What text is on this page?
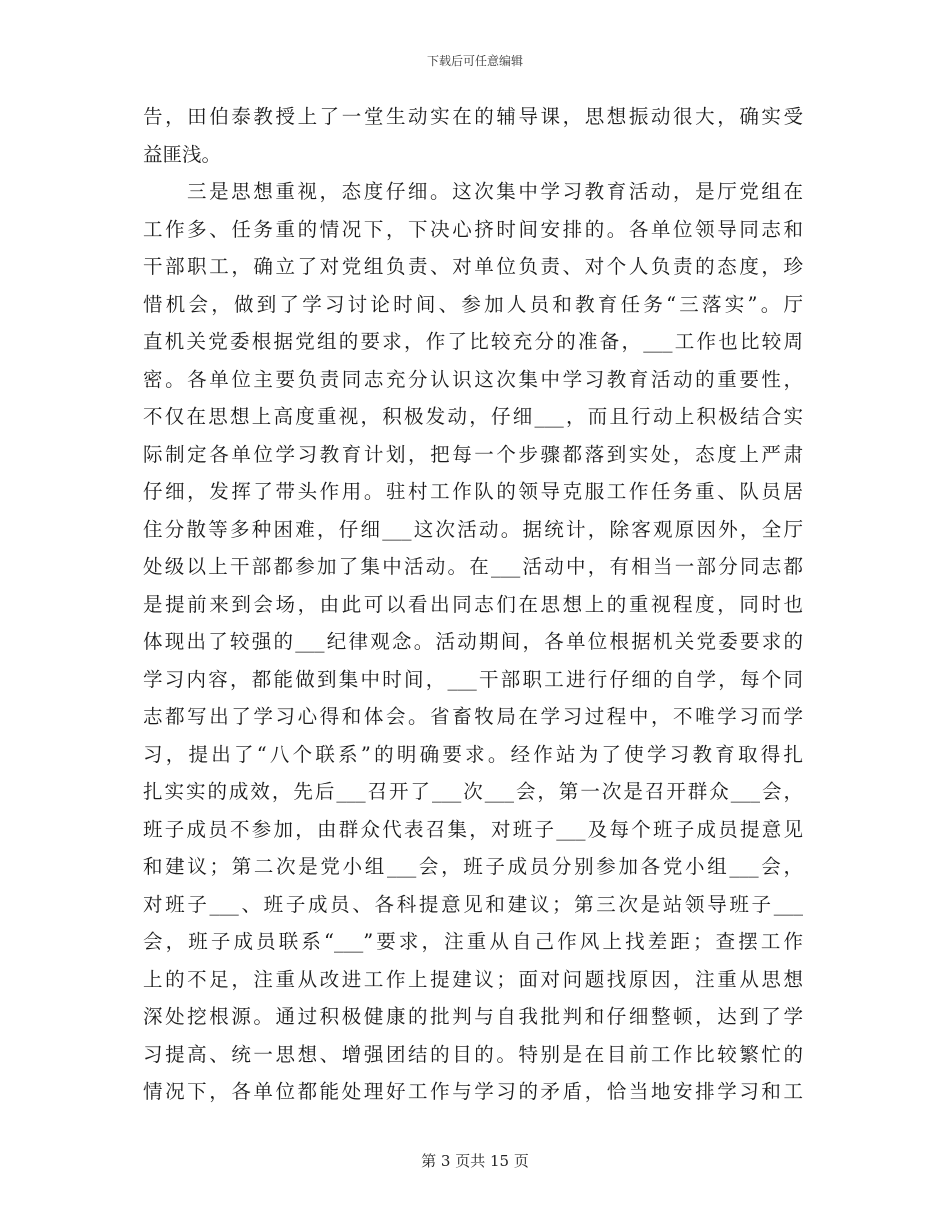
下载后可任意编辑
告，田伯泰教授上了一堂生动实在的辅导课，思想振动很大，确实受
益匪浅。
三是思想重视，态度仔细。这次集中学习教育活动，是厅党组在
工作多、任务重的情况下，下决心挤时间安排的。各单位领导同志和
干部职工，确立了对党组负责、对单位负责、对个人负责的态度，珍
惜机会，做到了学习讨论时间、参加人员和教育任务“三落实”。厅
直机关党委根据党组的要求，作了比较充分的准备，___工作也比较周
密。各单位主要负责同志充分认识这次集中学习教育活动的重要性，
不仅在思想上高度重视，积极发动，仔细___，而且行动上积极结合实
际制定各单位学习教育计划，把每一个步骤都落到实处，态度上严肃
仔细，发挥了带头作用。驻村工作队的领导克服工作任务重、队员居
住分散等多种困难，仔细___这次活动。据统计，除客观原因外，全厅
处级以上干部都参加了集中活动。在___活动中，有相当一部分同志都
是提前来到会场，由此可以看出同志们在思想上的重视程度，同时也
体现出了较强的___纪律观念。活动期间，各单位根据机关党委要求的
学习内容，都能做到集中时间，___干部职工进行仔细的自学，每个同
志都写出了学习心得和体会。省畜牧局在学习过程中，不唯学习而学
习，提出了“八个联系”的明确要求。经作站为了使学习教育取得扎
扎实实的成效，先后___召开了___次___会，第一次是召开群众___会，
班子成员不参加，由群众代表召集，对班子___及每个班子成员提意见
和建议；第二次是党小组___会，班子成员分别参加各党小组___会，
对班子___、班子成员、各科提意见和建议；第三次是站领导班子___
会，班子成员联系“___”要求，注重从自己作风上找差距；查摆工作
上的不足，注重从改进工作上提建议；面对问题找原因，注重从思想
深处挖根源。通过积极健康的批判与自我批判和仔细整顿，达到了学
习提高、统一思想、增强团结的目的。特别是在目前工作比较繁忙的
情况下，各单位都能处理好工作与学习的矛盾，恰当地安排学习和工
第 3 页共 15 页
